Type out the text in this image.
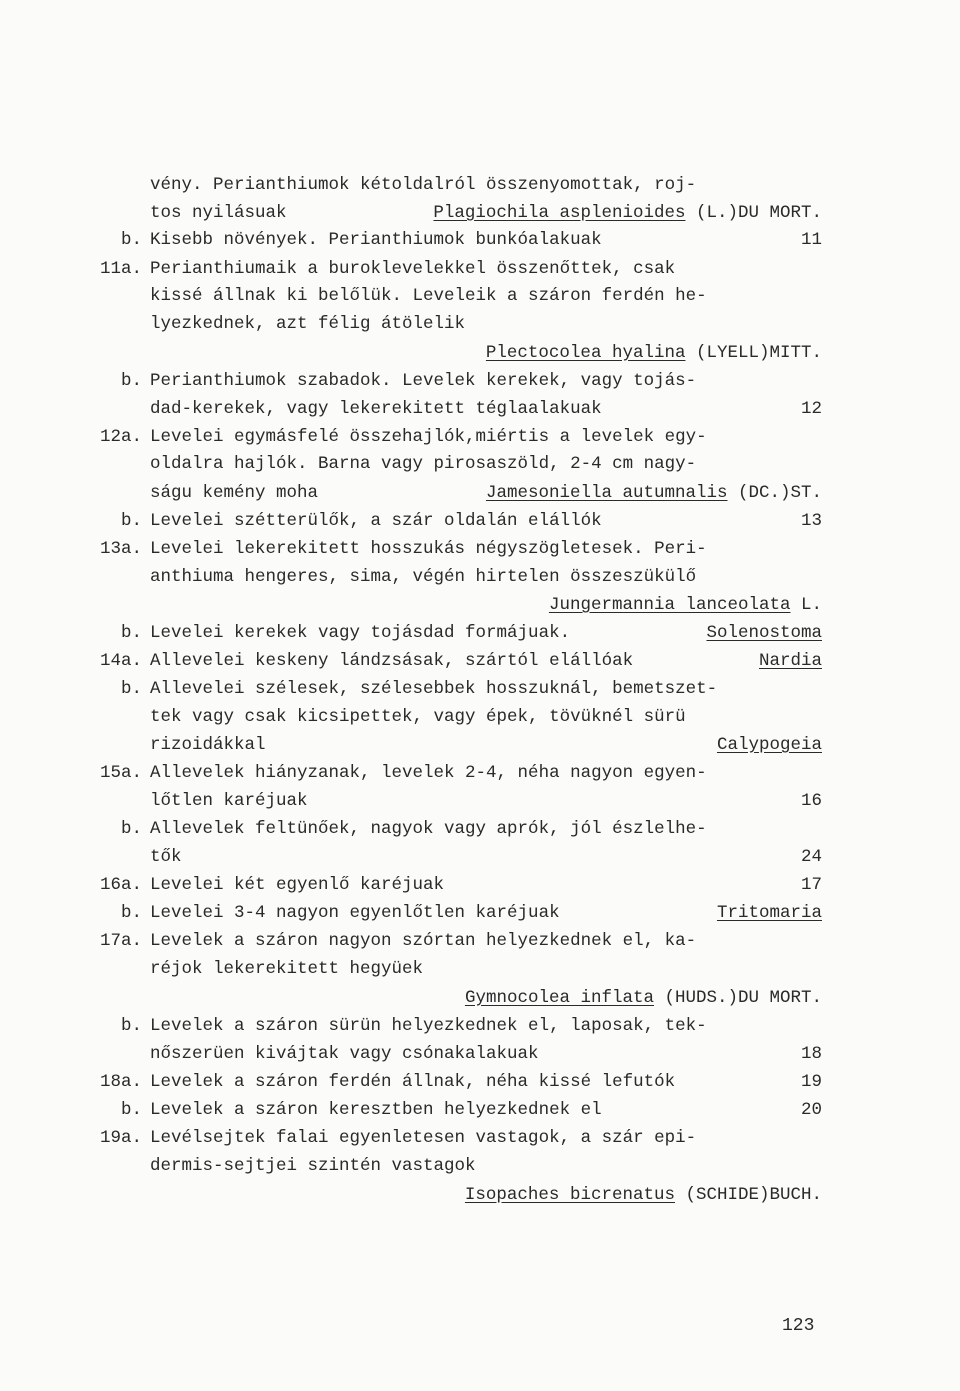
vény. Perianthiumok kétoldalról összenyomottak, roj-
tos nyilásuak	Plagiochila asplenioides (L.)DU MORT.
b. Kisebb növények. Perianthiumok bunkóalakuak	11
11a. Perianthiumaik a buroklevelekkel összenőttek, csak
kissé állnak ki belőlük. Leveleik a száron ferdén he-
lyezkednek, azt félig átölelik
Plectocolea hyalina (LYELL)MITT.
b. Perianthiumok szabadok. Levelek kerekek, vagy tojás-
dad-kerekek, vagy lekerekitett téglaalakuak	12
12a. Levelei egymásfelé összehajlók,miértis a levelek egy-
oldalra hajlók. Barna vagy pirosaszöld, 2-4 cm nagy-
ságu kemény moha	Jamesoniella autumnalis (DC.)ST.
b. Levelei szétterülők, a szár oldalán elállók	13
13a. Levelei lekerekitett hosszukás négyszögletesek. Peri-
anthiuma hengeres, sima, végén hirtelen összeszükülő
Jungermannia lanceolata L.
b. Levelei kerekek vagy tojásdad formájuak.	Solenostoma
14a. Allevelei keskeny lándzsásak, szártól elállóak	Nardia
b. Allevelei szélesek, szélesebbek hosszuknál, bemetszet-
tek vagy csak kicsipettek, vagy épek, tövüknél sürü
rizoidákkal	Calypogeia
15a. Allevelek hiányzanak, levelek 2-4, néha nagyon egyen-
lőtlen karéjuak	16
b. Allevelek feltünőek, nagyok vagy aprók, jól észlelhe-
tők	24
16a. Levelei két egyenlő karéjuak	17
b. Levelei 3-4 nagyon egyenlőtlen karéjuak	Tritomaria
17a. Levelek a száron nagyon szórtan helyezkednek el, ka-
réjok lekerekitett hegyüek
Gymnocolea inflata (HUDS.)DU MORT.
b. Levelek a száron sürün helyezkednek el, laposak, tek-
nőszerüen kivájtak vagy csónakalakuak	18
18a. Levelek a száron ferdén állnak, néha kissé lefutók	19
b. Levelek a száron keresztben helyezkednek el	20
19a. Levélsejtek falai egyenletesen vastagok, a szár epi-
dermis-sejtjei szintén vastagok
Isopaches bicrenatus (SCHIDE)BUCH.
123
